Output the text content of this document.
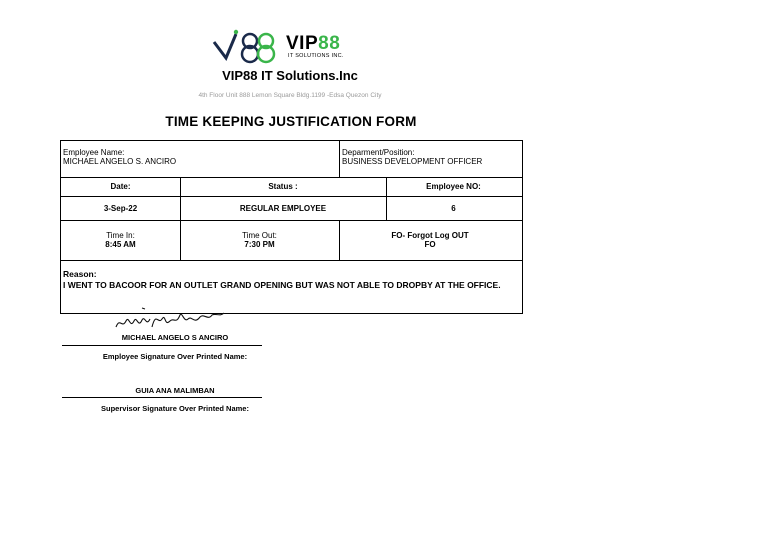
VIP88
IT SOLUTIONS INC.
VIP88 IT Solutions.Inc
4th Floor Unit 888 Lemon Square Bldg.1199 -Edsa Quezon City
TIME KEEPING JUSTIFICATION FORM
Employee Name:
MICHAEL ANGELO S. ANCIRO
Deparment/Position:
BUSINESS DEVELOPMENT OFFICER
Date:	Status :	Employee NO:
3-Sep-22	REGULAR EMPLOYEE	6
Time In:
8:45 AM
Time Out:
7:30 PM
FO- Forgot Log OUT
FO
Reason:
I WENT TO BACOOR FOR AN OUTLET GRAND OPENING BUT WAS NOT ABLE TO DROPBY AT THE OFFICE.
MICHAEL ANGELO S ANCIRO
Employee Signature Over Printed Name:
GUIA ANA MALIMBAN
Supervisor Signature Over Printed Name:
